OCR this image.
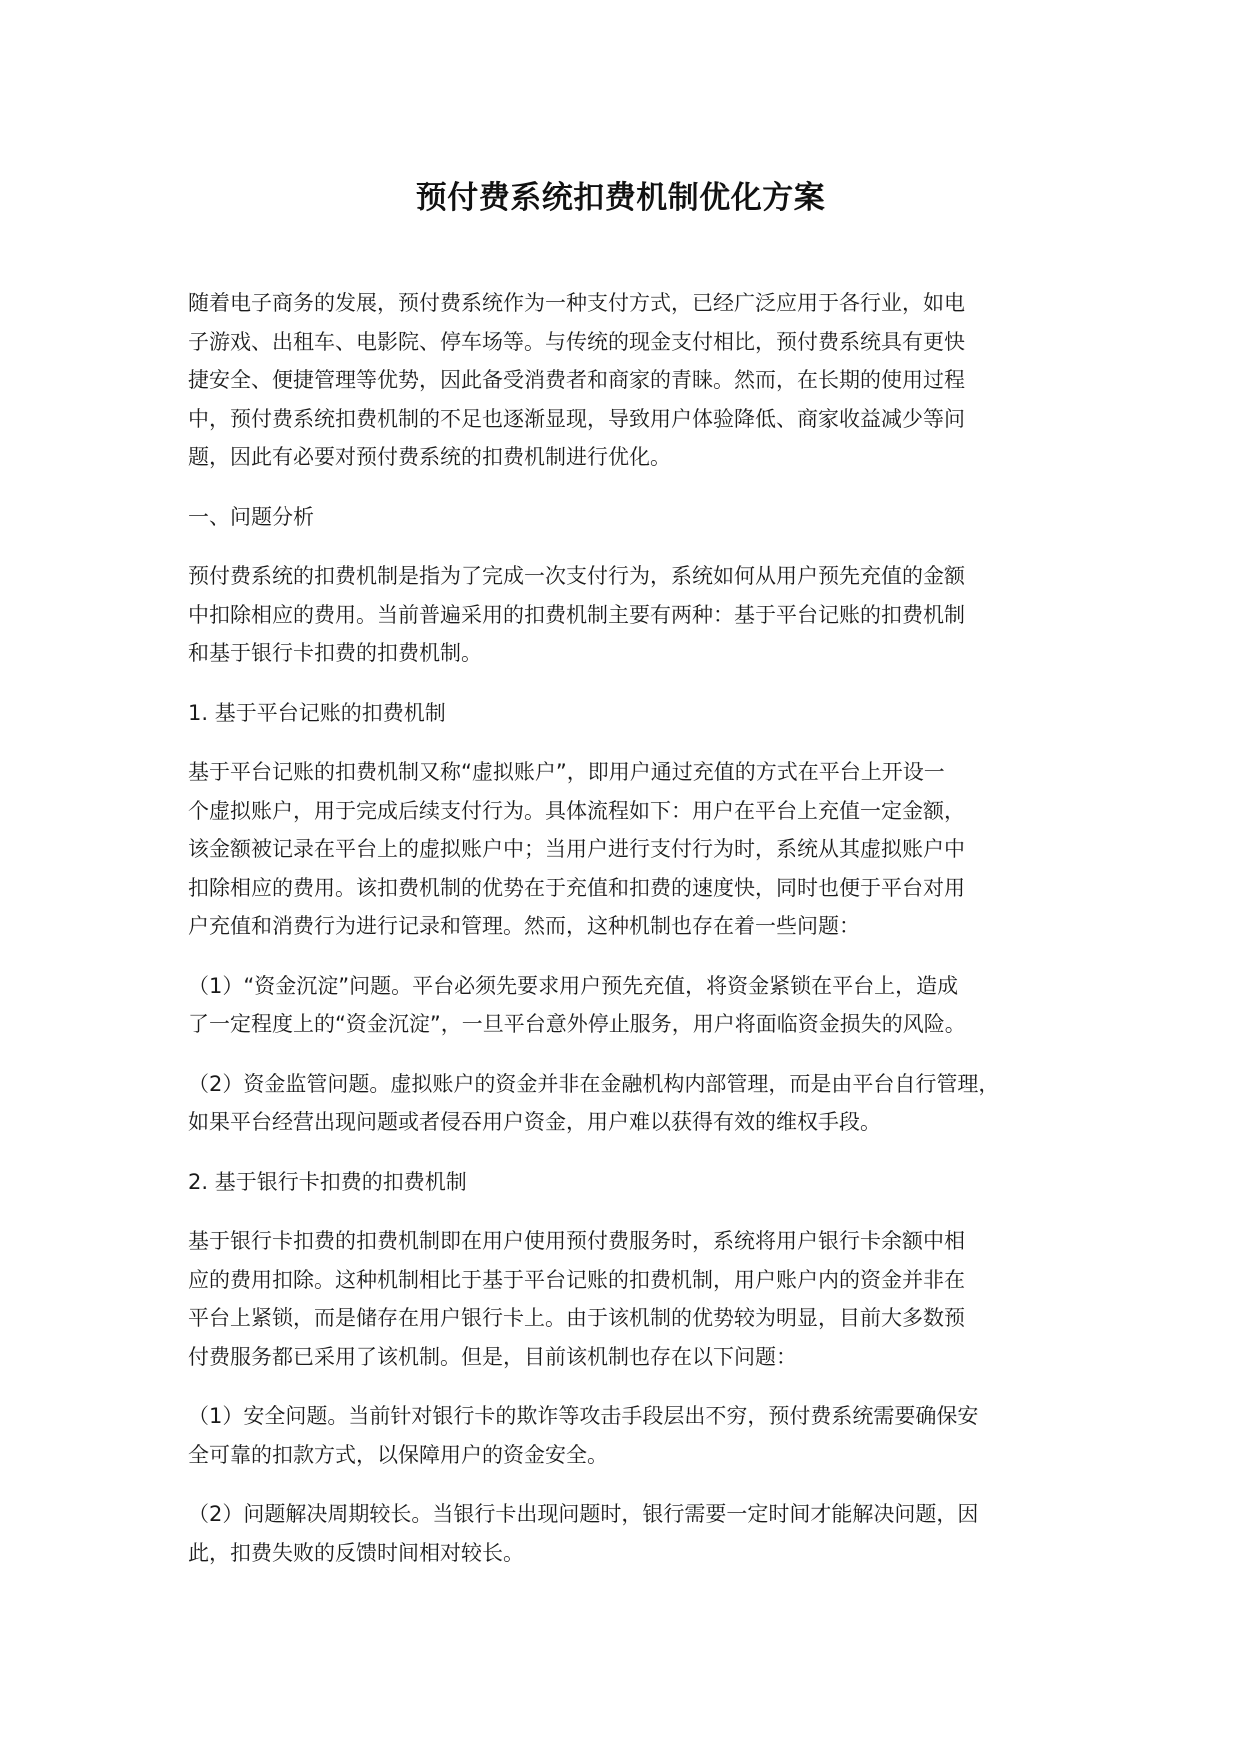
预付费系统扣费机制优化方案
随着电子商务的发展，预付费系统作为一种支付方式，已经广泛应用于各行业，如电
子游戏、出租车、电影院、停车场等。与传统的现金支付相比，预付费系统具有更快
捷安全、便捷管理等优势，因此备受消费者和商家的青睐。然而，在长期的使用过程
中，预付费系统扣费机制的不足也逐渐显现，导致用户体验降低、商家收益减少等问
题，因此有必要对预付费系统的扣费机制进行优化。
一、问题分析
预付费系统的扣费机制是指为了完成一次支付行为，系统如何从用户预先充值的金额
中扣除相应的费用。当前普遍采用的扣费机制主要有两种：基于平台记账的扣费机制
和基于银行卡扣费的扣费机制。
1. 基于平台记账的扣费机制
基于平台记账的扣费机制又称“虚拟账户”，即用户通过充值的方式在平台上开设一
个虚拟账户，用于完成后续支付行为。具体流程如下：用户在平台上充值一定金额，
该金额被记录在平台上的虚拟账户中；当用户进行支付行为时，系统从其虚拟账户中
扣除相应的费用。该扣费机制的优势在于充值和扣费的速度快，同时也便于平台对用
户充值和消费行为进行记录和管理。然而，这种机制也存在着一些问题：
（1）“资金沉淀”问题。平台必须先要求用户预先充值，将资金紧锁在平台上，造成
了一定程度上的“资金沉淀”，一旦平台意外停止服务，用户将面临资金损失的风险。
（2）资金监管问题。虚拟账户的资金并非在金融机构内部管理，而是由平台自行管理，
如果平台经营出现问题或者侵吞用户资金，用户难以获得有效的维权手段。
2. 基于银行卡扣费的扣费机制
基于银行卡扣费的扣费机制即在用户使用预付费服务时，系统将用户银行卡余额中相
应的费用扣除。这种机制相比于基于平台记账的扣费机制，用户账户内的资金并非在
平台上紧锁，而是储存在用户银行卡上。由于该机制的优势较为明显，目前大多数预
付费服务都已采用了该机制。但是，目前该机制也存在以下问题：
（1）安全问题。当前针对银行卡的欺诈等攻击手段层出不穷，预付费系统需要确保安
全可靠的扣款方式，以保障用户的资金安全。
（2）问题解决周期较长。当银行卡出现问题时，银行需要一定时间才能解决问题，因
此，扣费失败的反馈时间相对较长。
